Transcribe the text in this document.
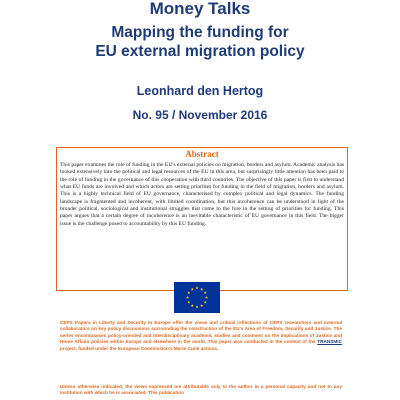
Money Talks
Mapping the funding for
EU external migration policy
Leonhard den Hertog
No. 95 / November 2016
Abstract
This paper examines the role of funding in the EU's external policies on migration, borders and asylum. Academic analysis has looked extensively into the political and legal resources of the EU in this area, but surprisingly little attention has been paid to the role of funding in the governance of this cooperation with third countries. The objective of this paper is first to understand what EU funds are involved and which actors are setting priorities for funding in the field of migration, borders and asylum. This is a highly technical field of EU governance, characterised by complex political and legal dynamics. The funding landscape is fragmented and incoherent, with limited coordination, but this incoherence can be understood in light of the broader political, sociological and institutional struggles that come to the fore in the setting of priorities for funding. This paper argues that a certain degree of incoherence is an inevitable characteristic of EU governance in this field. The bigger issue is the challenge posed to accountability by this EU funding.
CEPS Papers in Liberty and Security in Europe offer the views and critical reflections of CEPS researchers and external collaborators on key policy discussions surrounding the construction of the EU's Area of Freedom, Security and Justice. The series encompasses policy-oriented and interdisciplinary academic studies and comment on the implications of Justice and Home Affairs policies within Europe and elsewhere in the world. This paper was conducted in the context of the TRANSMIC project, funded under the European Commission's Marie Curie actions.
Unless otherwise indicated, the views expressed are attributable only to the author in a personal capacity and not to any institution with which he is associated. This publication
